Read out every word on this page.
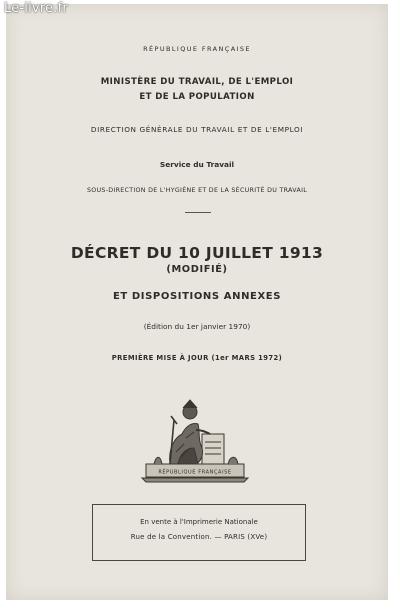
Le-livre.fr
RÉPUBLIQUE FRANÇAISE
MINISTÈRE DU TRAVAIL, DE L'EMPLOI
ET DE LA POPULATION
DIRECTION GÉNÉRALE DU TRAVAIL ET DE L'EMPLOI
Service du Travail
SOUS-DIRECTION DE L'HYGIÈNE ET DE LA SÉCURITÉ DU TRAVAIL
DÉCRET DU 10 JUILLET 1913
(MODIFIÉ)
ET DISPOSITIONS ANNEXES
(Édition du 1er janvier 1970)
PREMIÈRE MISE À JOUR (1er MARS 1972)
RÉPUBLIQUE FRANÇAISE
En vente à l'Imprimerie Nationale
Rue de la Convention. — PARIS (XVe)
